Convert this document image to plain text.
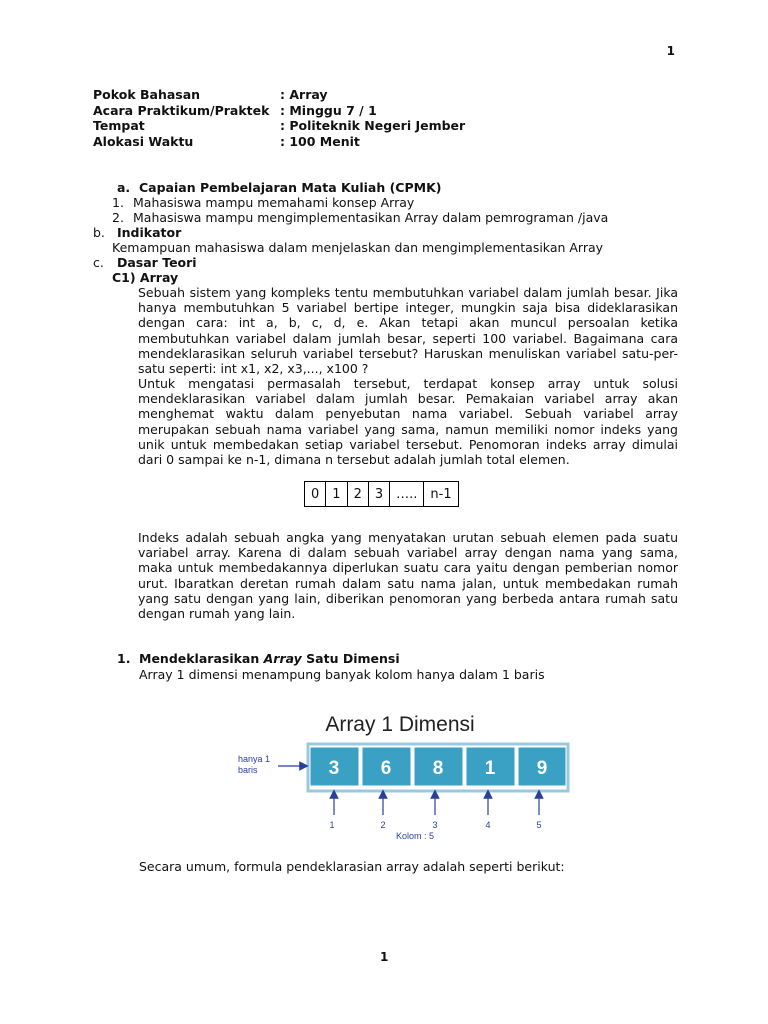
1
Pokok Bahasan	: Array
Acara Praktikum/Praktek : Minggu 7 / 1
Tempat	: Politeknik Negeri Jember
Alokasi Waktu	: 100 Menit
a. Capaian Pembelajaran Mata Kuliah (CPMK)
1. Mahasiswa mampu memahami konsep Array
2. Mahasiswa mampu mengimplementasikan Array dalam pemrograman /java
b. Indikator
Kemampuan mahasiswa dalam menjelaskan dan mengimplementasikan Array
c. Dasar Teori
C1) Array
Sebuah sistem yang kompleks tentu membutuhkan variabel dalam jumlah besar. Jika hanya membutuhkan 5 variabel bertipe integer, mungkin saja bisa dideklarasikan dengan cara: int a, b, c, d, e. Akan tetapi akan muncul persoalan ketika membutuhkan variabel dalam jumlah besar, seperti 100 variabel. Bagaimana cara mendeklarasikan seluruh variabel tersebut? Haruskan menuliskan variabel satu-per-satu seperti: int x1, x2, x3,..., x100 ?
Untuk mengatasi permasalah tersebut, terdapat konsep array untuk solusi mendeklarasikan variabel dalam jumlah besar. Pemakaian variabel array akan menghemat waktu dalam penyebutan nama variabel. Sebuah variabel array merupakan sebuah nama variabel yang sama, namun memiliki nomor indeks yang unik untuk membedakan setiap variabel tersebut. Penomoran indeks array dimulai dari 0 sampai ke n-1, dimana n tersebut adalah jumlah total elemen.
0	1	2	3	…..	n-1
Indeks adalah sebuah angka yang menyatakan urutan sebuah elemen pada suatu variabel array. Karena di dalam sebuah variabel array dengan nama yang sama, maka untuk membedakannya diperlukan suatu cara yaitu dengan pemberian nomor urut. Ibaratkan deretan rumah dalam satu nama jalan, untuk membedakan rumah yang satu dengan yang lain, diberikan penomoran yang berbeda antara rumah satu dengan rumah yang lain.
1. Mendeklarasikan Array Satu Dimensi
Array 1 dimensi menampung banyak kolom hanya dalam 1 baris
Array 1 Dimensi
3 6 8 1 9
hanya 1
baris
1	2	3	4	5
Kolom : 5
Secara umum, formula pendeklarasian array adalah seperti berikut:
1
